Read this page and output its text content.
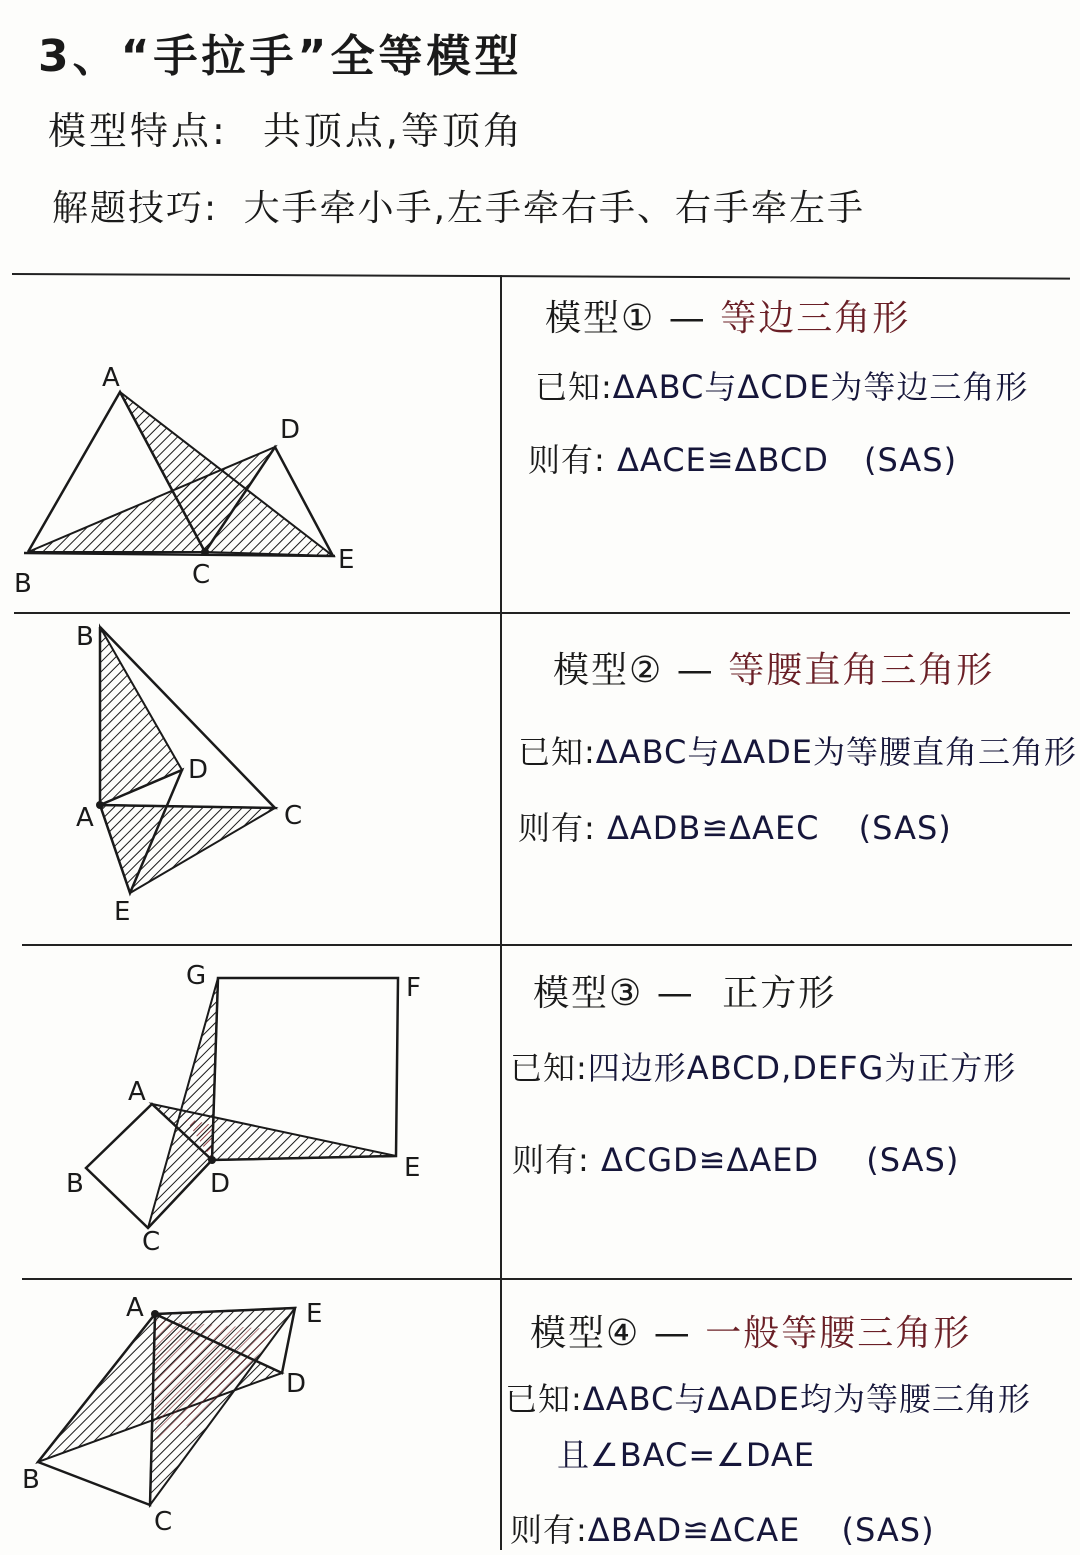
3、“手拉手”全等模型
模型特点: 共顶点,等顶角
解题技巧: 大手牵小手,左手牵右手、右手牵左手
A
B	C
D
E
模型① — 等边三角形
已知:ΔABC与ΔCDE为等边三角形
则有: ΔACE≌ΔBCD (SAS)
B
D
A	C
E
模型② — 等腰直角三角形
已知:ΔABC与ΔADE为等腰直角三角形
则有: ΔADB≌ΔAEC (SAS)
G	F
A
B	D
E
C
模型③ — 正方形
已知:四边形ABCD,DEFG为正方形
则有: ΔCGD≌ΔAED (SAS)
A	E
D
B
C
模型④ — 一般等腰三角形
已知:ΔABC与ΔADE均为等腰三角形
且∠BAC=∠DAE
则有:ΔBAD≌ΔCAE (SAS)
